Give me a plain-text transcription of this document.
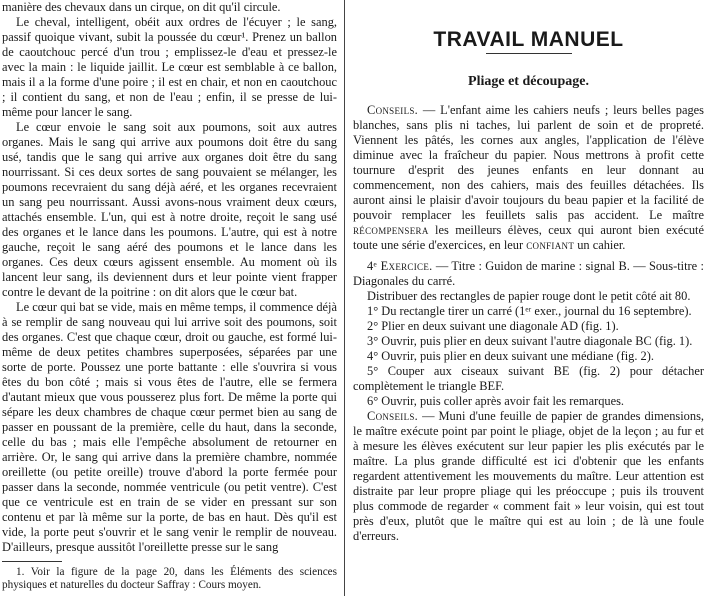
manière des chevaux dans un cirque, on dit qu'il circule.

Le cheval, intelligent, obéit aux ordres de l'écuyer ; le sang, passif quoique vivant, subit la poussée du cœur¹. Prenez un ballon de caoutchouc percé d'un trou ; emplissez-le d'eau et pressez-le avec la main : le liquide jaillit. Le cœur est semblable à ce ballon, mais il a la forme d'une poire ; il est en chair, et non en caoutchouc ; il contient du sang, et non de l'eau ; enfin, il se presse de lui-même pour lancer le sang.

Le cœur envoie le sang soit aux poumons, soit aux autres organes. Mais le sang qui arrive aux poumons doit être du sang usé, tandis que le sang qui arrive aux organes doit être du sang nourrissant. Si ces deux sortes de sang pouvaient se mélanger, les poumons recevraient du sang déjà aéré, et les organes recevraient un sang peu nourrissant. Aussi avons-nous vraiment deux cœurs, attachés ensemble. L'un, qui est à notre droite, reçoit le sang usé des organes et le lance dans les poumons. L'autre, qui est à notre gauche, reçoit le sang aéré des poumons et le lance dans les organes. Ces deux cœurs agissent ensemble. Au moment où ils lancent leur sang, ils deviennent durs et leur pointe vient frapper contre le devant de la poitrine : on dit alors que le cœur bat.

Le cœur qui bat se vide, mais en même temps, il commence déjà à se remplir de sang nouveau qui lui arrive soit des poumons, soit des organes. C'est que chaque cœur, droit ou gauche, est formé lui-même de deux petites chambres superposées, séparées par une sorte de porte. Poussez une porte battante : elle s'ouvrira si vous êtes du bon côté ; mais si vous êtes de l'autre, elle se fermera d'autant mieux que vous pousserez plus fort. De même la porte qui sépare les deux chambres de chaque cœur permet bien au sang de passer en poussant de la première, celle du haut, dans la seconde, celle du bas ; mais elle l'empêche absolument de retourner en arrière. Or, le sang qui arrive dans la première chambre, nommée oreillette (ou petite oreille) trouve d'abord la porte fermée pour passer dans la seconde, nommée ventricule (ou petit ventre). C'est que ce ventricule est en train de se vider en pressant sur son contenu et par là même sur la porte, de bas en haut. Dès qu'il est vide, la porte peut s'ouvrir et le sang venir le remplir de nouveau. D'ailleurs, presque aussitôt l'oreillette presse sur le sang

1. Voir la figure de la page 20, dans les Éléments des sciences physiques et naturelles du docteur Saffray : Cours moyen.

TRAVAIL MANUEL
Pliage et découpage.

Conseils. — L'enfant aime les cahiers neufs ; leurs belles pages blanches, sans plis ni taches, lui parlent de soin et de propreté. Viennent les pâtés, les cornes aux angles, l'application de l'élève diminue avec la fraîcheur du papier. Nous mettrons à profit cette tournure d'esprit des jeunes enfants en leur donnant au commencement, non des cahiers, mais des feuilles détachées. Ils auront ainsi le plaisir d'avoir toujours du beau papier et la facilité de pouvoir remplacer les feuillets salis pas accident. Le maître récompensera les meilleurs élèves, ceux qui auront bien exécuté toute une série d'exercices, en leur confiant un cahier.

4ᵉ Exercice. — Titre : Guidon de marine : signal B. — Sous-titre : Diagonales du carré.

Distribuer des rectangles de papier rouge dont le petit côté ait 80.

1° Du rectangle tirer un carré (1ᵉʳ exer., journal du 16 septembre).

2° Plier en deux suivant une diagonale AD (fig. 1).

3° Ouvrir, puis plier en deux suivant l'autre diagonale BC (fig. 1).

4° Ouvrir, puis plier en deux suivant une médiane (fig. 2).

5° Couper aux ciseaux suivant BE (fig. 2) pour détacher complètement le triangle BEF.

6° Ouvrir, puis coller après avoir fait les remarques.

Conseils. — Muni d'une feuille de papier de grandes dimensions, le maître exécute point par point le pliage, objet de la leçon ; au fur et à mesure les élèves exécutent sur leur papier les plis exécutés par le maître. La plus grande difficulté est ici d'obtenir que les enfants regardent attentivement les mouvements du maître. Leur attention est distraite par leur propre pliage qui les préoccupe ; puis ils trouvent plus commode de regarder « comment fait » leur voisin, qui est tout près d'eux, plutôt que le maître qui est au loin ; de là une foule d'erreurs.
